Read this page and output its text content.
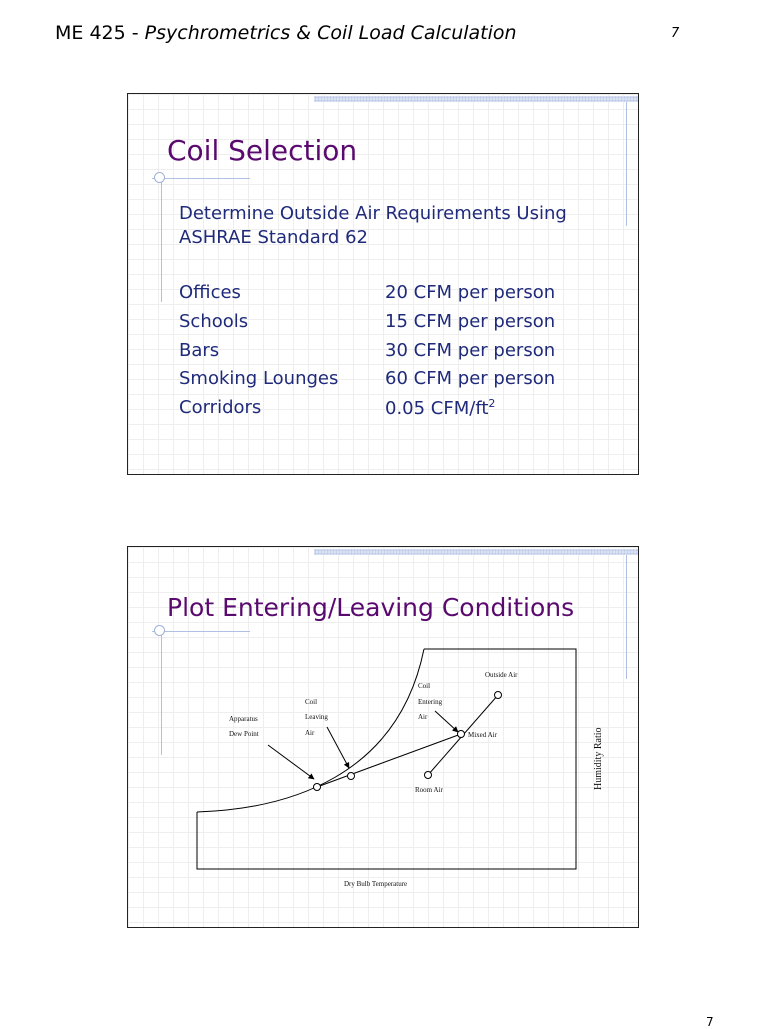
ME 425 - Psychrometrics & Coil Load Calculation	7
Coil Selection
Determine Outside Air Requirements Using
ASHRAE Standard 62
Offices	20 CFM per person
Schools	15 CFM per person
Bars	30 CFM per person
Smoking Lounges	60 CFM per person
Corridors	0.05 CFM/$ft^2$
Plot Entering/Leaving Conditions
Outside Air
Mixed Air
Room Air
Coil
Entering
Air
Coil
Leaving
Air
Apparatus
Dew Point
Dry Bulb Temperature
Humidity Ratio
7
